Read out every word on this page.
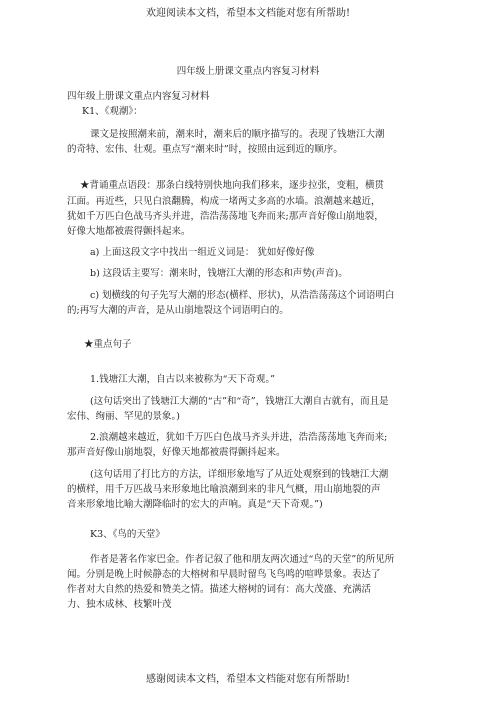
欢迎阅读本文档，希望本文档能对您有所帮助!
四年级上册课文重点内容复习材料
四年级上册课文重点内容复习材料
K1、《观潮》：
课文是按照潮来前，潮来时，潮来后的顺序描写的。表现了钱塘江大潮
的奇特、宏伟、壮观。重点写“潮来时”时，按照由远到近的顺序。
★背诵重点语段：那条白线特别快地向我们移来，逐步拉张，变粗，横贯
江面。再近些，只见白浪翻腾，构成一堵两丈多高的水墙。浪潮越来越近，
犹如千万匹白色战马齐头并进，浩浩荡荡地飞奔而来;那声音好像山崩地裂，
好像大地都被震得颤抖起来。
a) 上面这段文字中找出一组近义词是： 犹如好像好像
b) 这段话主要写：潮来时，钱塘江大潮的形态和声势(声音)。
c) 划横线的句子先写大潮的形态(横样、形状)，从浩浩荡荡这个词语明白
的;再写大潮的声音，是从山崩地裂这个词语明白的。
★重点句子
1.钱塘江大潮，自古以来被称为“天下奇观。”
(这句话突出了钱塘江大潮的“古”和“奇”，钱塘江大潮自古就有，而且是
宏伟、绚丽、罕见的景象。)
2.浪潮越来越近，犹如千万匹白色战马齐头并进，浩浩荡荡地飞奔而来;
那声音好像山崩地裂，好像天地都被震得颤抖起来。
(这句话用了打比方的方法，详细形象地写了从近处观察到的钱塘江大潮
的横样，用千万匹战马来形象地比喻浪潮到来的非凡气概，用山崩地裂的声
音来形象地比喻大潮降临时的宏大的声响。真是“天下奇观。”)
K3、《鸟的天堂》
作者是著名作家巴金。作者记叙了他和朋友两次通过“鸟的天堂”的所见所
闻。分别是晚上时候静态的大榕树和早晨时留鸟飞鸟鸣的喧哗景象。表达了
作者对大自然的热爱和赞美之情。描述大榕树的词有：高大茂盛、充满活
力、独木成林、枝繁叶茂
感谢阅读本文档，希望本文档能对您有所帮助!
